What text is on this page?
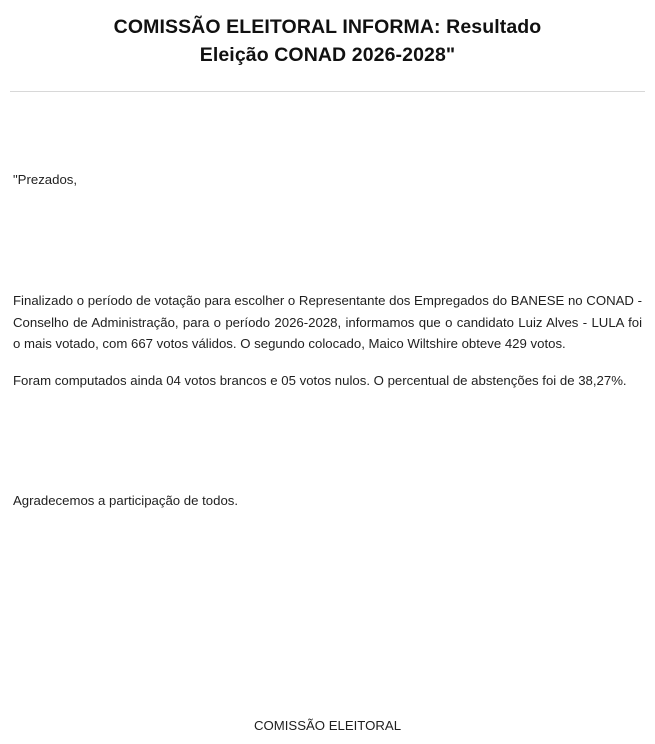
COMISSÃO ELEITORAL INFORMA: Resultado
Eleição CONAD 2026-2028"

"Prezados,

Finalizado o período de votação para escolher o Representante dos Empregados do BANESE no CONAD - Conselho de Administração, para o período 2026-2028, informamos que o candidato Luiz Alves - LULA foi o mais votado, com 667 votos válidos. O segundo colocado, Maico Wiltshire obteve 429 votos.

Foram computados ainda 04 votos brancos e 05 votos nulos. O percentual de abstenções foi de 38,27%.

Agradecemos a participação de todos.

COMISSÃO ELEITORAL
